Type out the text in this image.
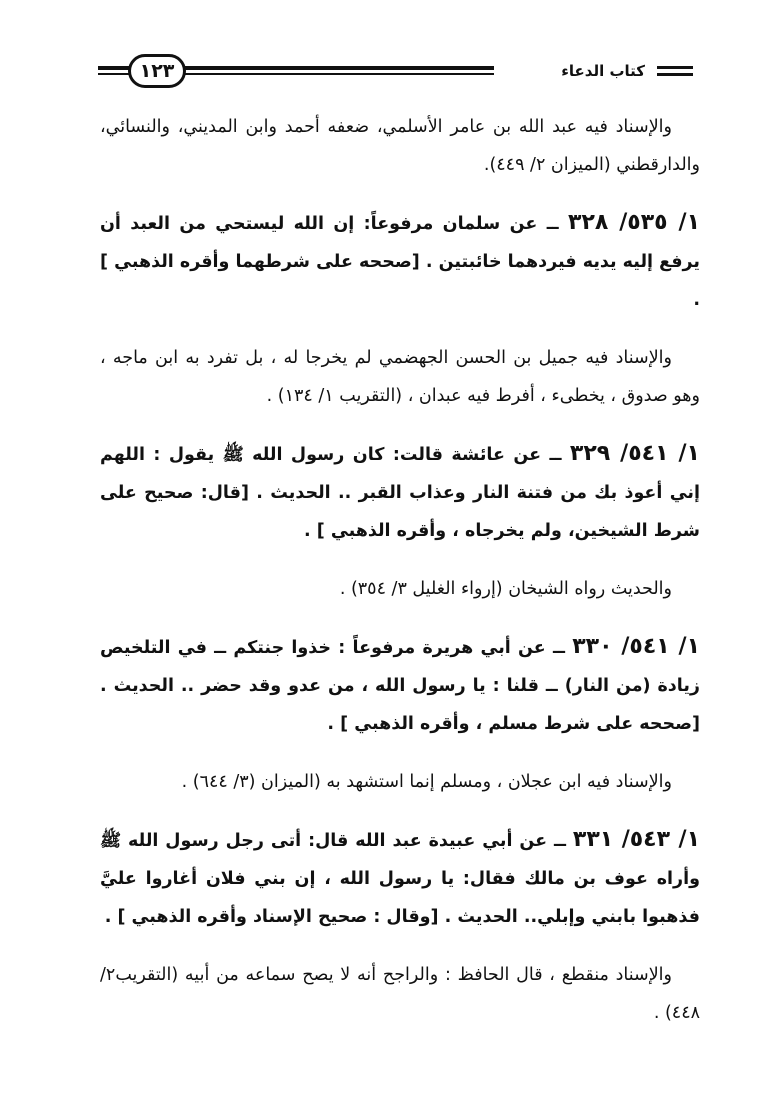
١٢٣	كتاب الدعاء

والإسناد فيه عبد الله بن عامر الأسلمي، ضعفه أحمد وابن المديني، والنسائي، والدارقطني (الميزان ٢/ ٤٤٩).

١/ ٥٣٥/ ٣٢٨ ــ عن سلمان مرفوعاً: إن الله ليستحي من العبد أن يرفع إليه يديه فيردهما خائبتين . [صححه على شرطهما وأقره الذهبي ] .

والإسناد فيه جميل بن الحسن الجهضمي لم يخرجا له ، بل تفرد به ابن ماجه ، وهو صدوق ، يخطىء ، أفرط فيه عبدان ، (التقريب ١/ ١٣٤) .

١/ ٥٤١/ ٣٢٩ ــ عن عائشة قالت: كان رسول الله ﷺ يقول : اللهم إني أعوذ بك من فتنة النار وعذاب القبر .. الحديث . [قال: صحيح على شرط الشيخين، ولم يخرجاه ، وأقره الذهبي ] .

والحديث رواه الشيخان (إرواء الغليل ٣/ ٣٥٤) .

١/ ٥٤١/ ٣٣٠ ــ عن أبي هريرة مرفوعاً : خذوا جنتكم ــ في التلخيص زيادة (من النار) ــ قلنا : يا رسول الله ، من عدو وقد حضر .. الحديث . [صححه على شرط مسلم ، وأقره الذهبي ] .

والإسناد فيه ابن عجلان ، ومسلم إنما استشهد به (الميزان (٣/ ٦٤٤) .

١/ ٥٤٣/ ٣٣١ ــ عن أبي عبيدة عبد الله قال: أتى رجل رسول الله ﷺ وأراه عوف بن مالك فقال: يا رسول الله ، إن بني فلان أغاروا عليَّ فذهبوا بابني وإبلي.. الحديث . [وقال : صحيح الإسناد وأقره الذهبي ] .

والإسناد منقطع ، قال الحافظ : والراجح أنه لا يصح سماعه من أبيه (التقريب٢/ ٤٤٨) .
